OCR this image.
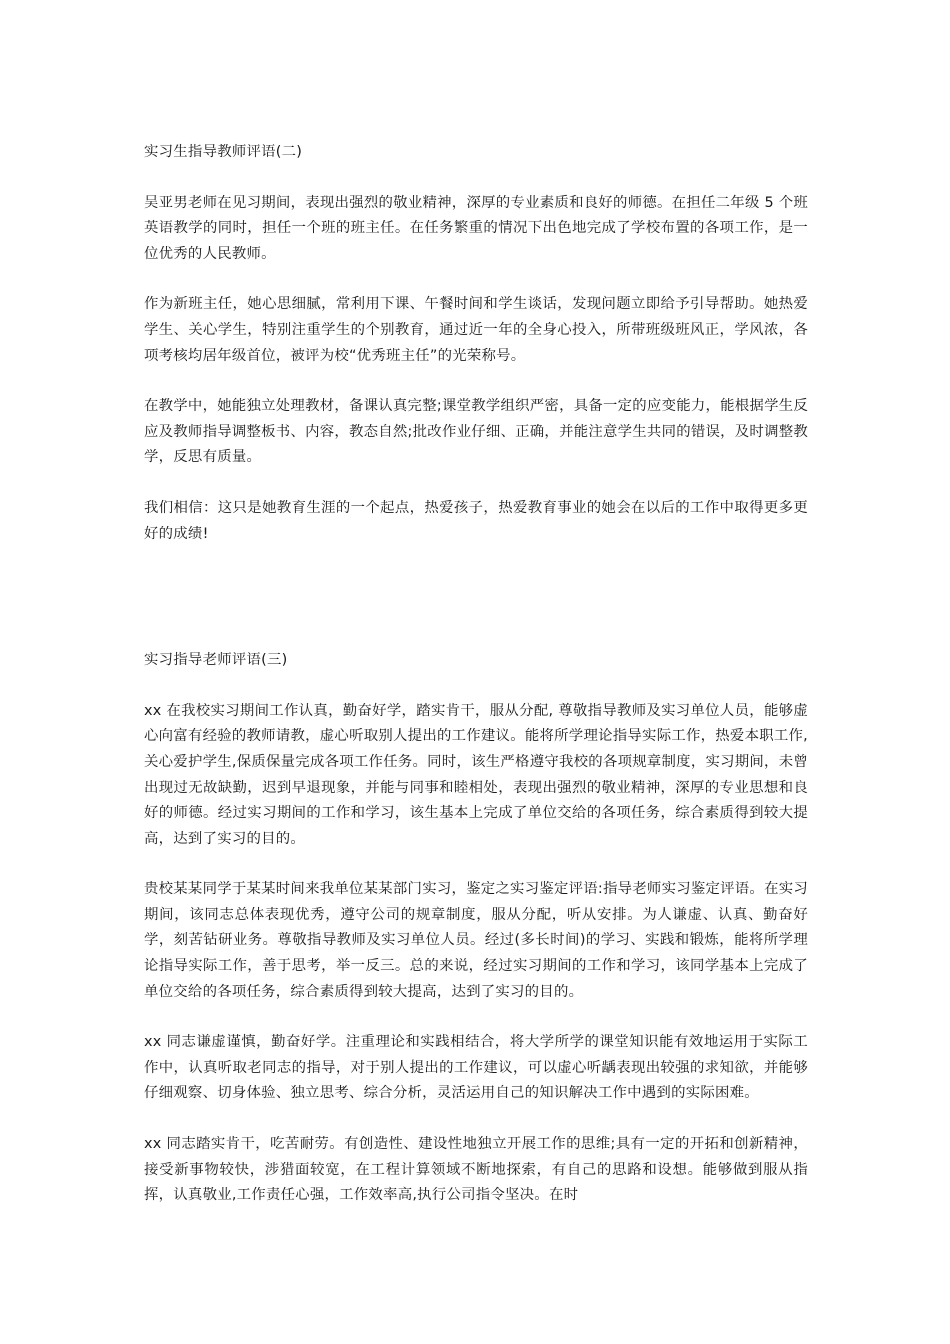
实习生指导教师评语(二)

吴亚男老师在见习期间，表现出强烈的敬业精神，深厚的专业素质和良好的师德。在担任二年级 5 个班英语教学的同时，担任一个班的班主任。在任务繁重的情况下出色地完成了学校布置的各项工作，是一位优秀的人民教师。

作为新班主任，她心思细腻，常利用下课、午餐时间和学生谈话，发现问题立即给予引导帮助。她热爱学生、关心学生，特别注重学生的个别教育，通过近一年的全身心投入，所带班级班风正，学风浓，各项考核均居年级首位，被评为校“优秀班主任”的光荣称号。

在教学中，她能独立处理教材，备课认真完整;课堂教学组织严密，具备一定的应变能力，能根据学生反应及教师指导调整板书、内容，教态自然;批改作业仔细、正确，并能注意学生共同的错误，及时调整教学，反思有质量。

我们相信：这只是她教育生涯的一个起点，热爱孩子，热爱教育事业的她会在以后的工作中取得更多更好的成绩!

实习指导老师评语(三)

xx 在我校实习期间工作认真，勤奋好学，踏实肯干，服从分配, 尊敬指导教师及实习单位人员，能够虚心向富有经验的教师请教，虚心听取别人提出的工作建议。能将所学理论指导实际工作，热爱本职工作,关心爱护学生,保质保量完成各项工作任务。同时，该生严格遵守我校的各项规章制度，实习期间，未曾出现过无故缺勤，迟到早退现象，并能与同事和睦相处，表现出强烈的敬业精神，深厚的专业思想和良好的师德。经过实习期间的工作和学习，该生基本上完成了单位交给的各项任务，综合素质得到较大提高，达到了实习的目的。

贵校某某同学于某某时间来我单位某某部门实习，鉴定之实习鉴定评语:指导老师实习鉴定评语。在实习期间，该同志总体表现优秀，遵守公司的规章制度，服从分配，听从安排。为人谦虚、认真、勤奋好学，刻苦钻研业务。尊敬指导教师及实习单位人员。经过(多长时间)的学习、实践和锻炼，能将所学理论指导实际工作，善于思考，举一反三。总的来说，经过实习期间的工作和学习，该同学基本上完成了单位交给的各项任务，综合素质得到较大提高，达到了实习的目的。

xx 同志谦虚谨慎，勤奋好学。注重理论和实践相结合，将大学所学的课堂知识能有效地运用于实际工作中，认真听取老同志的指导，对于别人提出的工作建议，可以虚心听龋表现出较强的求知欲，并能够仔细观察、切身体验、独立思考、综合分析，灵活运用自己的知识解决工作中遇到的实际困难。

xx 同志踏实肯干，吃苦耐劳。有创造性、建设性地独立开展工作的思维;具有一定的开拓和创新精神，接受新事物较快，涉猎面较宽，在工程计算领域不断地探索，有自己的思路和设想。能够做到服从指挥，认真敬业,工作责任心强，工作效率高,执行公司指令坚决。在时
